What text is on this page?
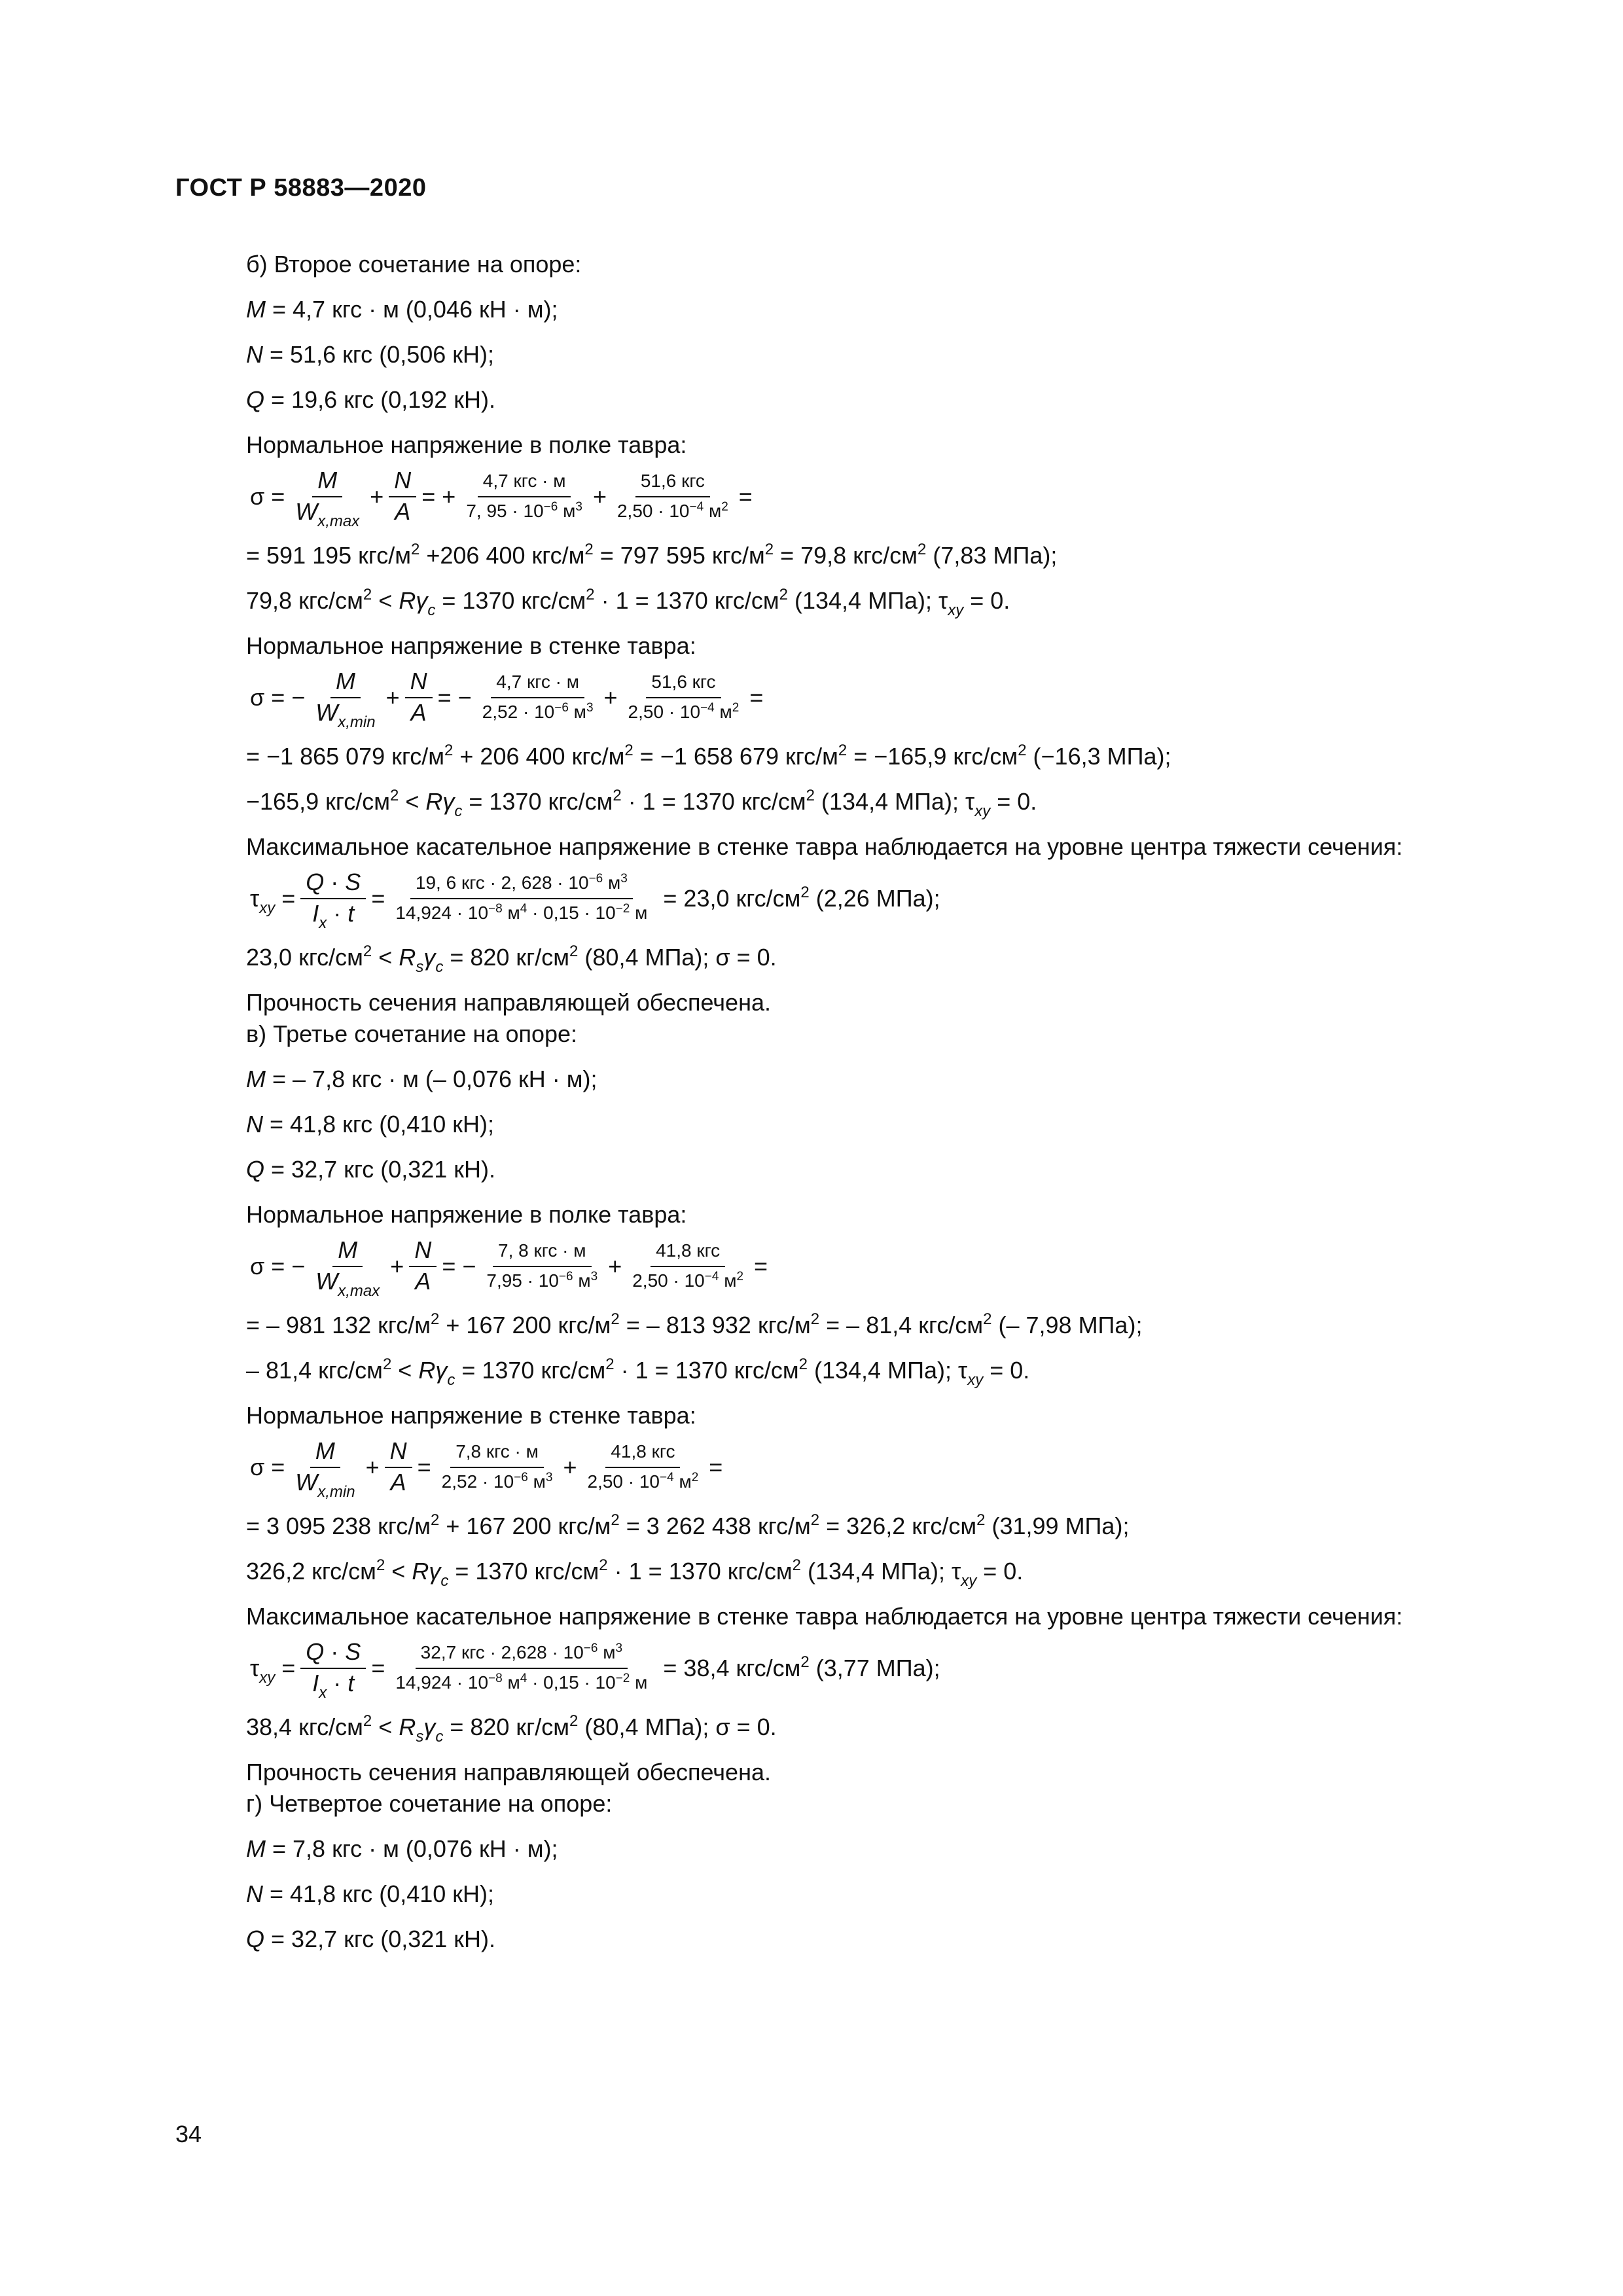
ГОСТ Р 58883—2020
б) Второе сочетание на опоре:
M = 4,7 кгс · м (0,046 кН · м);
N = 51,6 кгс (0,506 кН);
Q = 19,6 кгс (0,192 кН).
Нормальное напряжение в полке тавра:
$\sigma = \frac{M}{W_{x,max}} + \frac{N}{A}$ = + $\frac{\text{4,7 кгс · м}}{7, 95 \cdot 10^{-6} м^3} + \frac{\text{51,6 кгс}}{2,50 \cdot 10^{-4} м^2}$ =
= 591 195 кгс/$м^2 +206$ 400 кгс/$м^2 = 797$ 595 кгс/$м^2 = 79,8$ кгс/$см^2$ (7,83 МПа);
79,8 кгс/$см^2 < R\gamma_c = 1370$ кгс/$см^2 \cdot 1 = 1370$ кгс/$см^2$ (134,4 МПа); $\tau_{xy} = 0$.
Нормальное напряжение в стенке тавра:
σ = − $\frac{M}{W_{x,min}} + \frac{N}{A}$ = − $\frac{\text{4,7 кгс · м}}{2,52 \cdot 10^{-6} м^3} + \frac{\text{51,6 кгс}}{2,50 \cdot 10^{-4} м^2}$ =
= −1 865 079 кгс/$м^2 + 206$ 400 кгс/$м^2 = -1$ 658 679 кгс/$м^2 = -165,9$ кгс/$см^2$ (−16,3 МПа);
−165,9 кгс/$см^2 < R\gamma_c = 1370$ кгс/$см^2 \cdot 1 = 1370$ кгс/$см^2$ (134,4 МПа); $\tau_{xy} = 0$.
Максимальное касательное напряжение в стенке тавра наблюдается на уровне центра тяжести сечения:
$\tau_{xy} = \frac{Q \cdot S}{I_x \cdot t} = \frac{19, 6 кгс \cdot 2, 628 \cdot 10^{-6} м^3}{14,924 \cdot 10^{-8} м^4 \cdot 0,15 \cdot 10^{-2} м} = 23,0$ кгс/$см^2$ (2,26 МПа);
23,0 кгс/$см^2 < R_s\gamma_c = 820$ $кг/см^2$ (80,4 МПа); σ = 0.
Прочность сечения направляющей обеспечена.
в) Третье сочетание на опоре:
M = – 7,8 кгс · м (– 0,076 кН · м);
N = 41,8 кгс (0,410 кН);
Q = 32,7 кгс (0,321 кН).
Нормальное напряжение в полке тавра:
σ = − $\frac{M}{W_{x,max}} + \frac{N}{A}$ = − $\frac{\text{7, 8 кгс · м}}{7,95 \cdot 10^{-6} м^3} + \frac{\text{41,8 кгс}}{2,50 \cdot 10^{-4} м^2}$ =
= – 981 132 кгс/$м^2 + 167$ 200 кгс/$м^2$ = – 813 932 кгс/$м^2$ = – 81,4 кгс/$см^2$ (– 7,98 МПа);
– 81,4 кгс/$см^2 < R\gamma_c = 1370$ кгс/$см^2 \cdot 1 = 1370$ кгс/$см^2$ (134,4 МПа); $\tau_{xy} = 0$.
Нормальное напряжение в стенке тавра:
$\sigma = \frac{M}{W_{x,min}} + \frac{N}{A} = \frac{\text{7,8 кгс · м}}{2,52 \cdot 10^{-6} м^3} + \frac{\text{41,8 кгс}}{2,50 \cdot 10^{-4} м^2}$ =
= 3 095 238 кгс/$м^2 + 167$ 200 кгс/$м^2 = 3$ 262 438 кгс/$м^2 = 326,2$ кгс/$см^2$ (31,99 МПа);
326,2 кгс/$см^2 < R\gamma_c = 1370$ кгс/$см^2 \cdot 1 = 1370$ кгс/$см^2$ (134,4 МПа); $\tau_{xy} = 0$.
Максимальное касательное напряжение в стенке тавра наблюдается на уровне центра тяжести сечения:
$\tau_{xy} = \frac{Q \cdot S}{I_x \cdot t} = \frac{32,7 кгс \cdot 2,628 \cdot 10^{-6} м^3}{14,924 \cdot 10^{-8} м^4 \cdot 0,15 \cdot 10^{-2} м} = 38,4$ кгс/$см^2$ (3,77 МПа);
38,4 кгс/$см^2 < R_s\gamma_c = 820$ $кг/см^2$ (80,4 МПа); σ = 0.
Прочность сечения направляющей обеспечена.
г) Четвертое сочетание на опоре:
M = 7,8 кгс · м (0,076 кН · м);
N = 41,8 кгс (0,410 кН);
Q = 32,7 кгс (0,321 кН).
34
